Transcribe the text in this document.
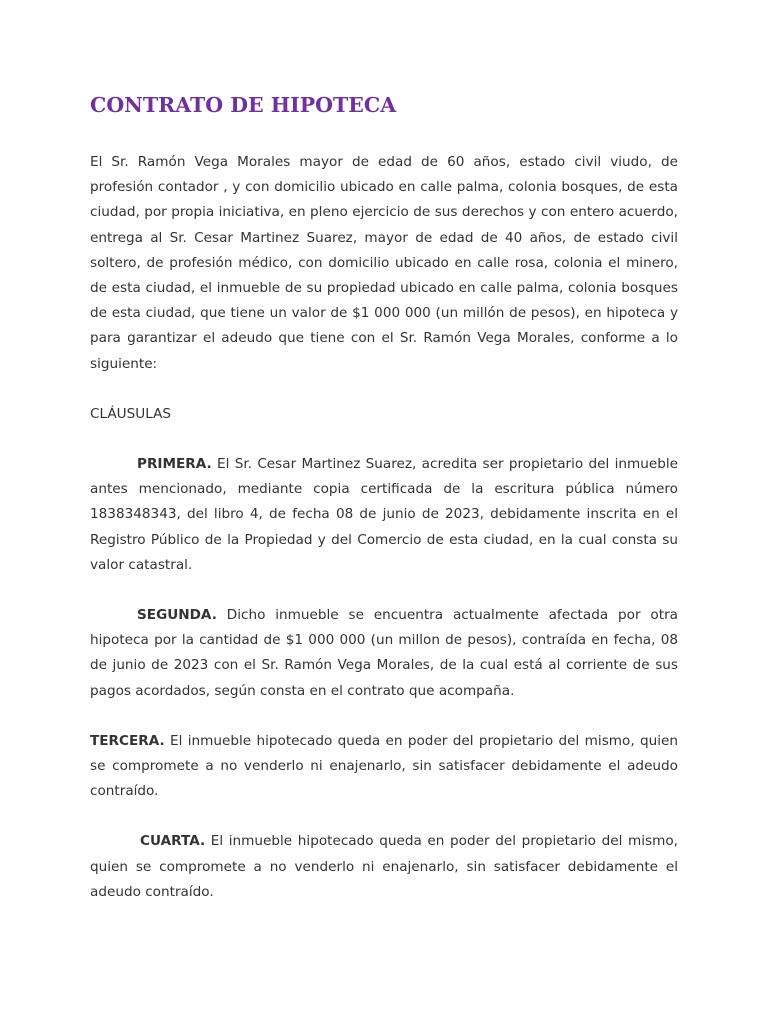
CONTRATO DE HIPOTECA

El Sr. Ramón Vega Morales mayor de edad de 60 años, estado civil viudo, de profesión contador , y con domicilio ubicado en calle palma, colonia bosques, de esta ciudad, por propia iniciativa, en pleno ejercicio de sus derechos y con entero acuerdo, entrega al Sr. Cesar Martinez Suarez, mayor de edad de 40 años, de estado civil soltero, de profesión médico, con domicilio ubicado en calle rosa, colonia el minero, de esta ciudad, el inmueble de su propiedad ubicado en calle palma, colonia bosques de esta ciudad, que tiene un valor de $1 000 000 (un millón de pesos), en hipoteca y para garantizar el adeudo que tiene con el Sr. Ramón Vega Morales, conforme a lo siguiente:

CLÁUSULAS

PRIMERA. El Sr. Cesar Martinez Suarez, acredita ser propietario del inmueble antes mencionado, mediante copia certificada de la escritura pública número 1838348343, del libro 4, de fecha 08 de junio de 2023, debidamente inscrita en el Registro Público de la Propiedad y del Comercio de esta ciudad, en la cual consta su valor catastral.

SEGUNDA. Dicho inmueble se encuentra actualmente afectada por otra hipoteca por la cantidad de $1 000 000 (un millon de pesos), contraída en fecha, 08 de junio de 2023 con el Sr. Ramón Vega Morales, de la cual está al corriente de sus pagos acordados, según consta en el contrato que acompaña.

TERCERA. El inmueble hipotecado queda en poder del propietario del mismo, quien se compromete a no venderlo ni enajenarlo, sin satisfacer debidamente el adeudo contraído.

CUARTA. El inmueble hipotecado queda en poder del propietario del mismo, quien se compromete a no venderlo ni enajenarlo, sin satisfacer debidamente el adeudo contraído.
